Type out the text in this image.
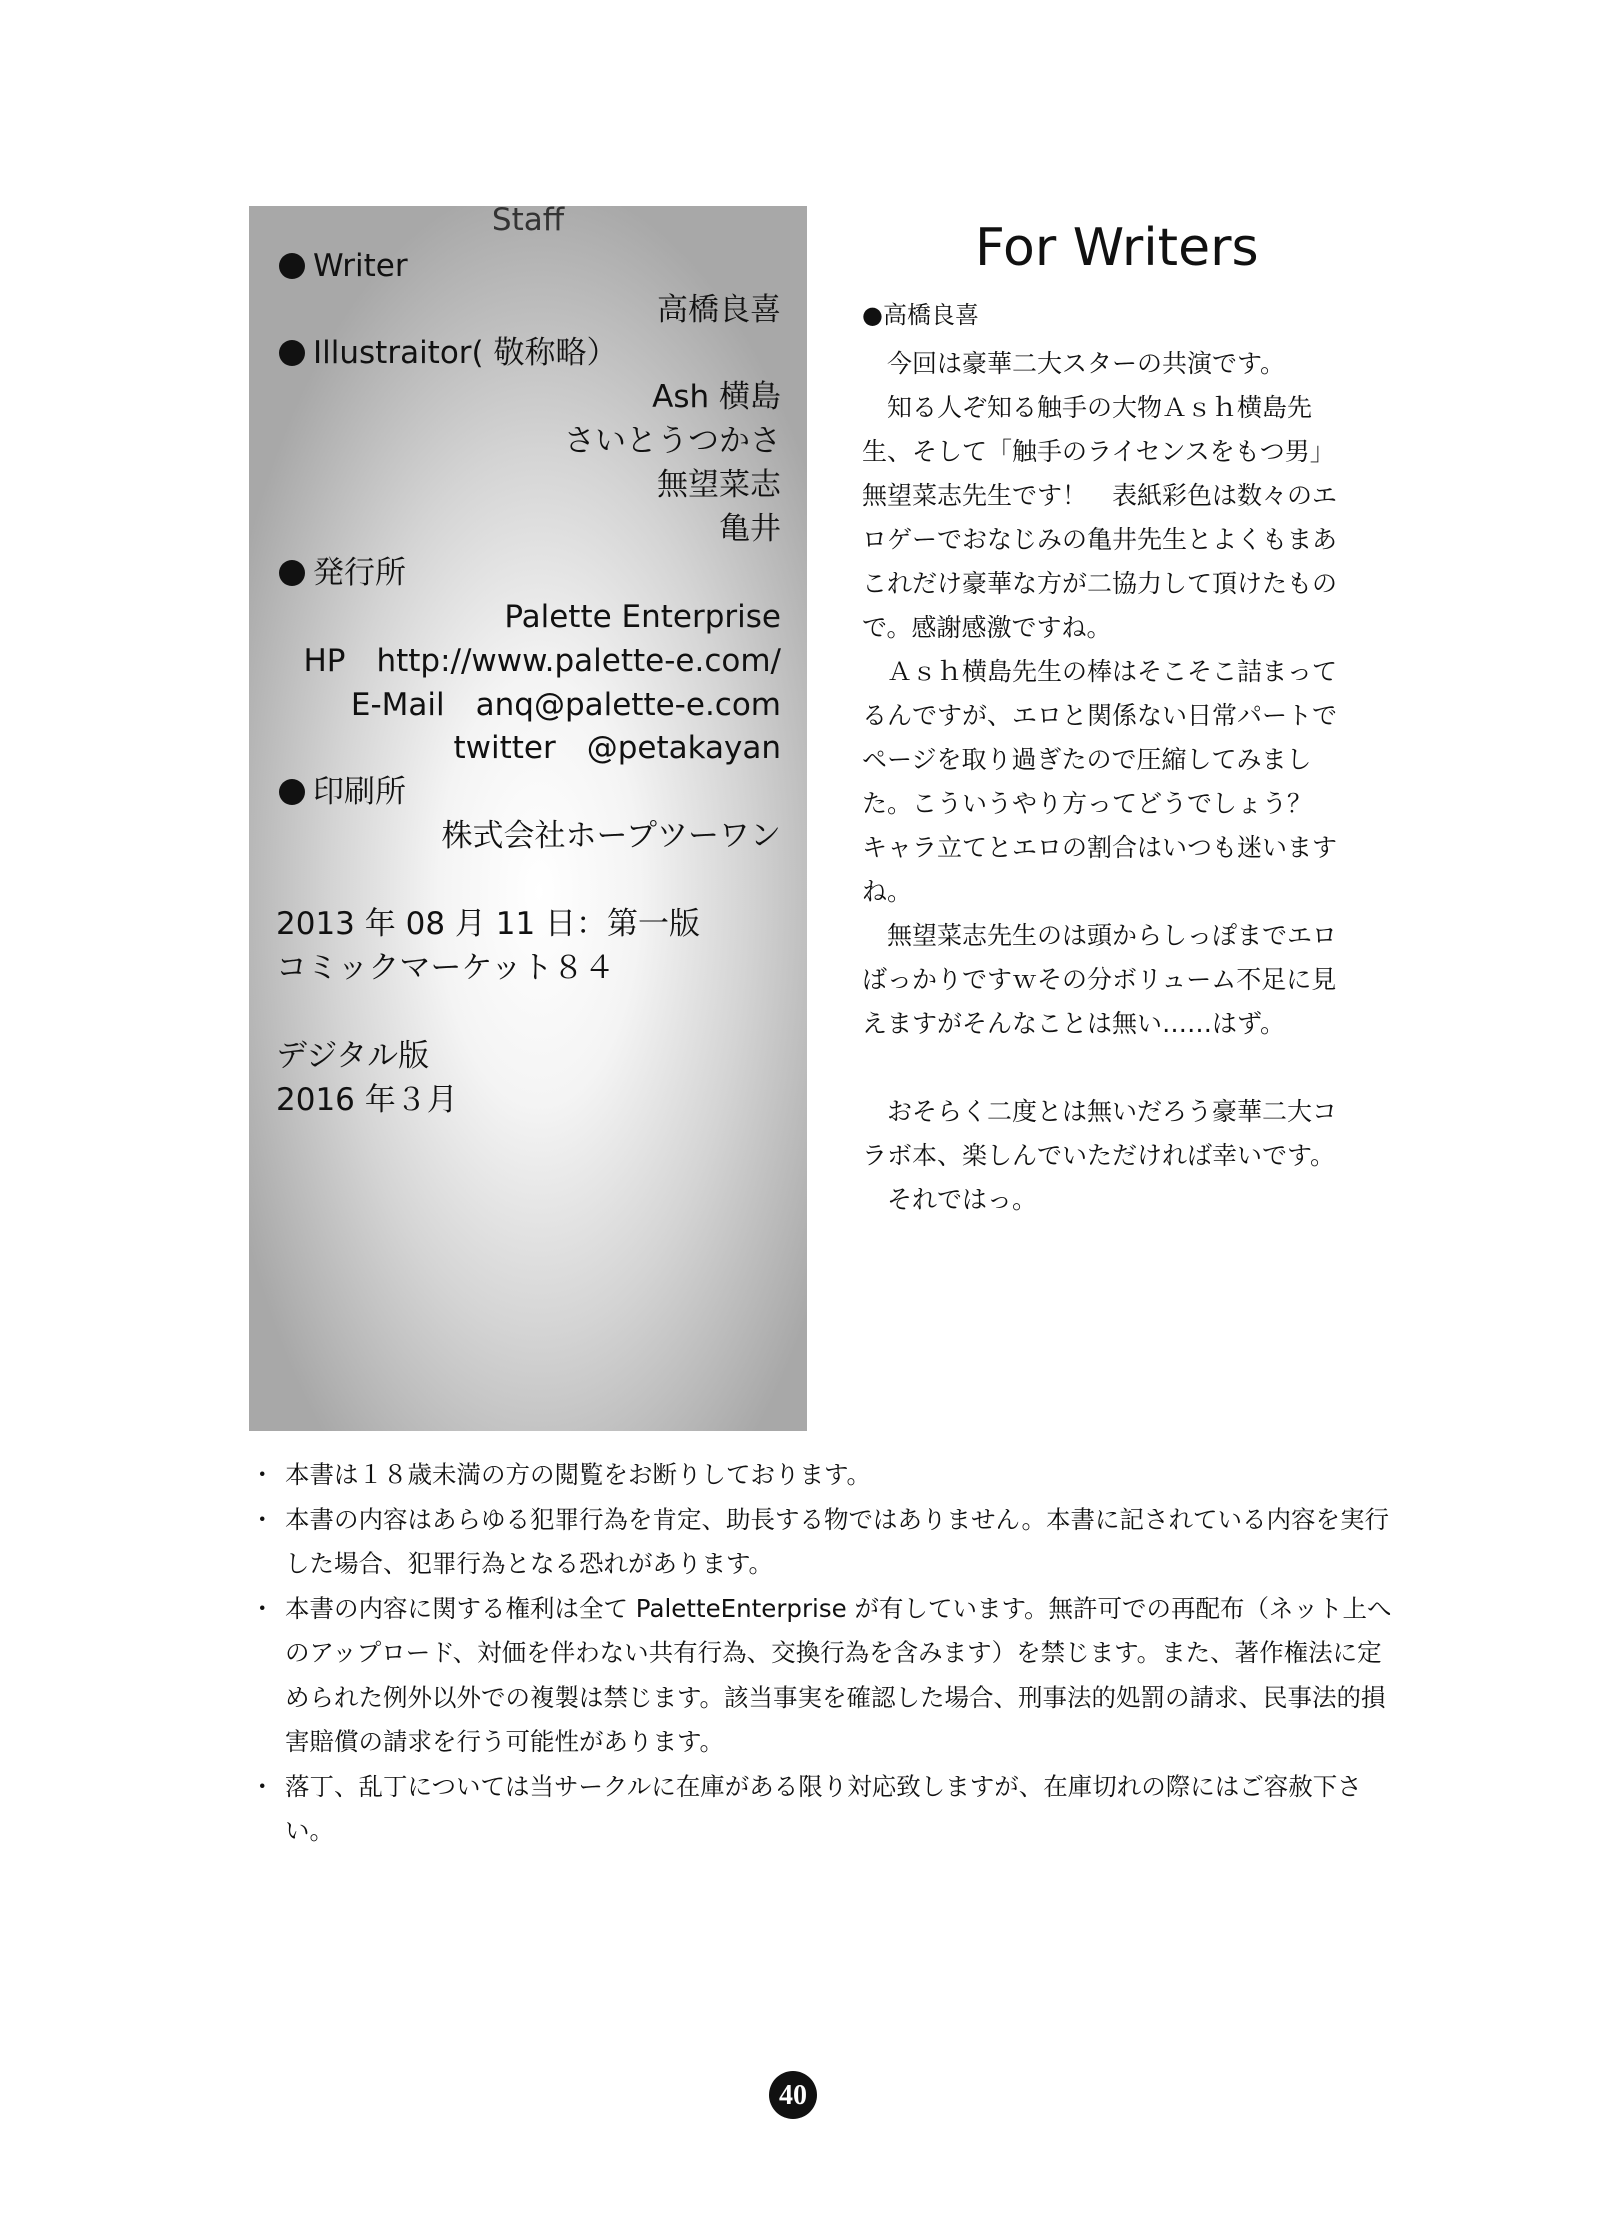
Staff
Writer
高橋良喜
Illustraitor( 敬称略）
Ash 横島
さいとうつかさ
無望菜志
亀井
発行所
Palette Enterprise
HP　http://www.palette-e.com/
E-Mail　anq@palette-e.com
twitter　@petakayan
印刷所
株式会社ホープツーワン
2013 年 08 月 11 日：第一版
コミックマーケット８４
デジタル版
2016 年３月
For Writers
●高橋良喜

今回は豪華二大スターの共演です。

知る人ぞ知る触手の大物Ａｓｈ横島先生、そして「触手のライセンスをもつ男」無望菜志先生です！　表紙彩色は数々のエロゲーでおなじみの亀井先生とよくもまあこれだけ豪華な方が二協力して頂けたもので。感謝感激ですね。

Ａｓｈ横島先生の棒はそこそこ詰まってるんですが、エロと関係ない日常パートでページを取り過ぎたので圧縮してみました。こういうやり方ってどうでしょう？　キャラ立てとエロの割合はいつも迷いますね。

無望菜志先生のは頭からしっぽまでエロばっかりですｗその分ボリューム不足に見えますがそんなことは無い……はず。

おそらく二度とは無いだろう豪華二大コラボ本、楽しんでいただければ幸いです。

それではっ。

・ 本書は１８歳未満の方の閲覧をお断りしております。
・ 本書の内容はあらゆる犯罪行為を肯定、助長する物ではありません。本書に記されている内容を実行した場合、犯罪行為となる恐れがあります。
・ 本書の内容に関する権利は全て PaletteEnterprise が有しています。無許可での再配布（ネット上へのアップロード、対価を伴わない共有行為、交換行為を含みます）を禁じます。また、著作権法に定められた例外以外での複製は禁じます。該当事実を確認した場合、刑事法的処罰の請求、民事法的損害賠償の請求を行う可能性があります。
・ 落丁、乱丁については当サークルに在庫がある限り対応致しますが、在庫切れの際にはご容赦下さい。
40
